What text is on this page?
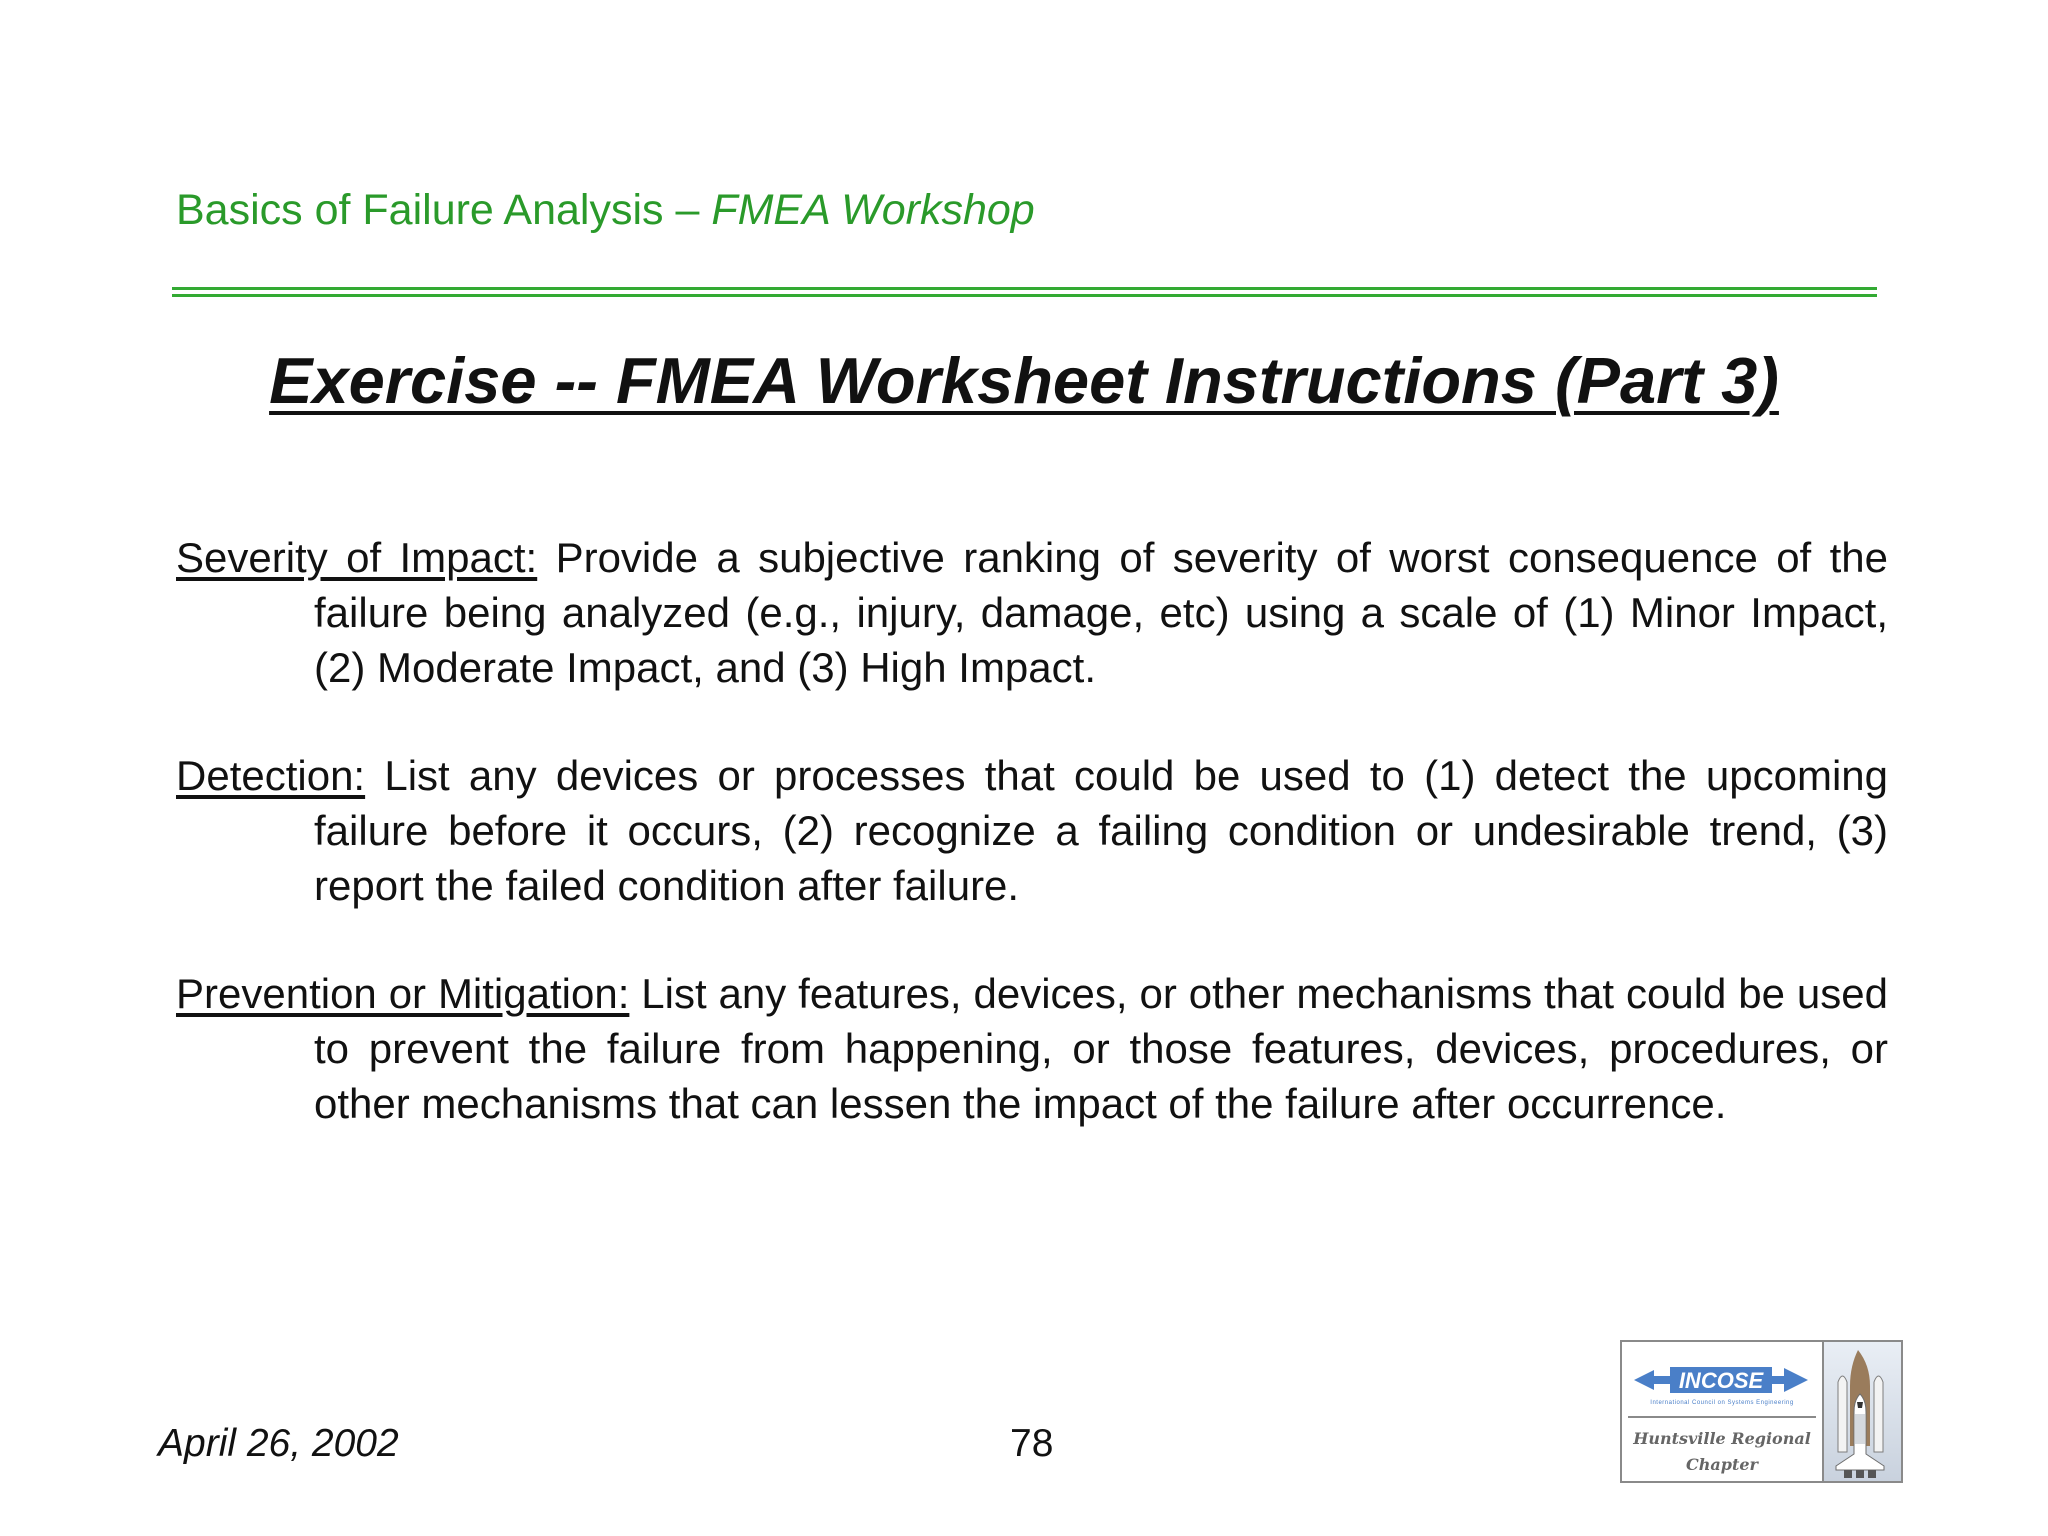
Basics of Failure Analysis – FMEA Workshop
Exercise -- FMEA Worksheet Instructions (Part 3)

Severity of Impact: Provide a subjective ranking of severity of worst consequence of the failure being analyzed (e.g., injury, damage, etc) using a scale of (1) Minor Impact, (2) Moderate Impact, and (3) High Impact.

Detection: List any devices or processes that could be used to (1) detect the upcoming failure before it occurs, (2) recognize a failing condition or undesirable trend, (3) report the failed condition after failure.

Prevention or Mitigation: List any features, devices, or other mechanisms that could be used to prevent the failure from happening, or those features, devices, procedures, or other mechanisms that can lessen the impact of the failure after occurrence.

April 26, 2002	78
INCOSE
International Council on Systems Engineering
Huntsville Regional
Chapter
